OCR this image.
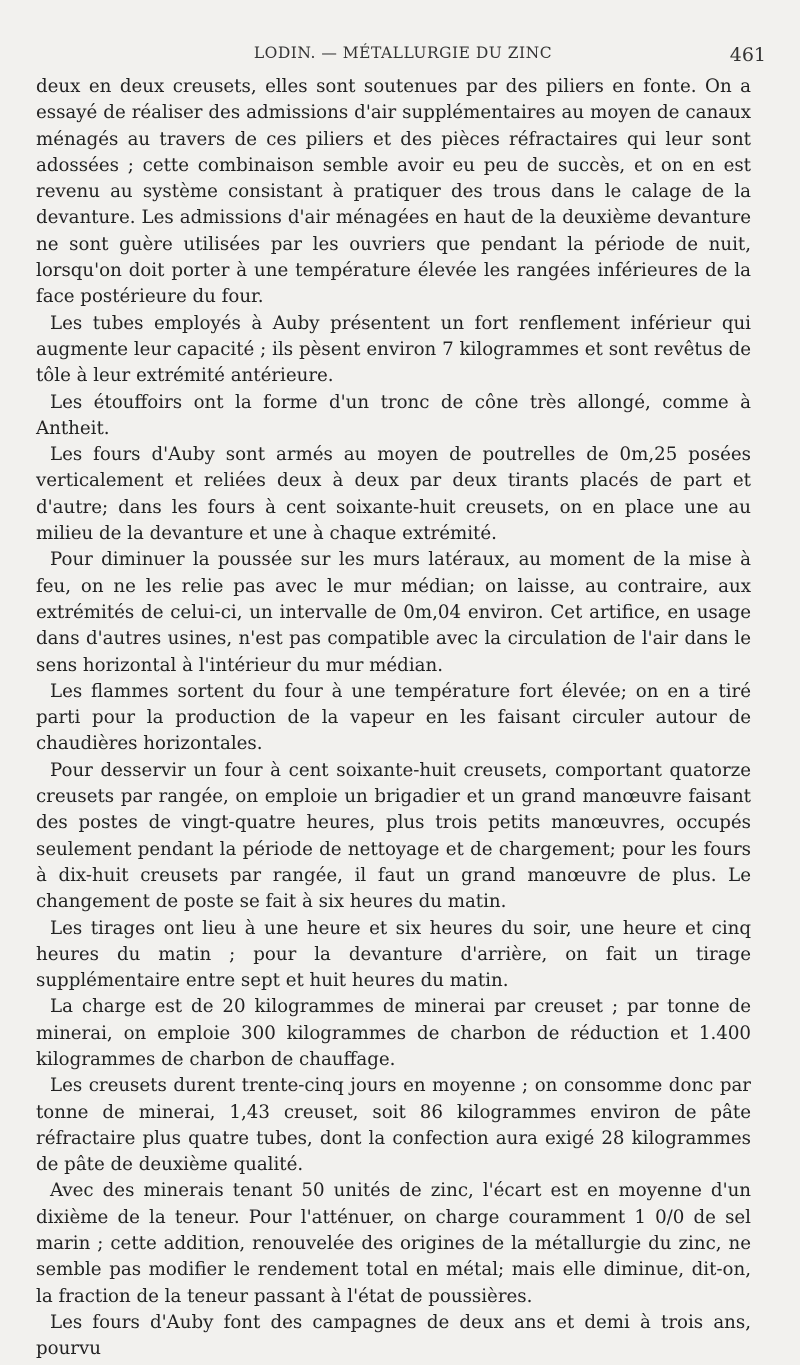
LODIN. — MÉTALLURGIE DU ZINC	461

deux en deux creusets, elles sont soutenues par des piliers en fonte. On a essayé de réaliser des admissions d'air supplémentaires au moyen de canaux ménagés au travers de ces piliers et des pièces réfractaires qui leur sont adossées ; cette combinaison semble avoir eu peu de succès, et on en est revenu au système consistant à pratiquer des trous dans le calage de la devanture. Les admissions d'air ménagées en haut de la deuxième devanture ne sont guère utilisées par les ouvriers que pendant la période de nuit, lorsqu'on doit porter à une température élevée les rangées inférieures de la face postérieure du four.

Les tubes employés à Auby présentent un fort renflement inférieur qui augmente leur capacité ; ils pèsent environ 7 kilogrammes et sont revêtus de tôle à leur extrémité antérieure.

Les étouffoirs ont la forme d'un tronc de cône très allongé, comme à Antheit.

Les fours d'Auby sont armés au moyen de poutrelles de 0m,25 posées verticalement et reliées deux à deux par deux tirants placés de part et d'autre; dans les fours à cent soixante-huit creusets, on en place une au milieu de la devanture et une à chaque extrémité.

Pour diminuer la poussée sur les murs latéraux, au moment de la mise à feu, on ne les relie pas avec le mur médian; on laisse, au contraire, aux extrémités de celui-ci, un intervalle de 0m,04 environ. Cet artifice, en usage dans d'autres usines, n'est pas compatible avec la circulation de l'air dans le sens horizontal à l'intérieur du mur médian.

Les flammes sortent du four à une température fort élevée; on en a tiré parti pour la production de la vapeur en les faisant circuler autour de chaudières horizontales.

Pour desservir un four à cent soixante-huit creusets, comportant quatorze creusets par rangée, on emploie un brigadier et un grand manœuvre faisant des postes de vingt-quatre heures, plus trois petits manœuvres, occupés seulement pendant la période de nettoyage et de chargement; pour les fours à dix-huit creusets par rangée, il faut un grand manœuvre de plus. Le changement de poste se fait à six heures du matin.

Les tirages ont lieu à une heure et six heures du soir, une heure et cinq heures du matin ; pour la devanture d'arrière, on fait un tirage supplémentaire entre sept et huit heures du matin.

La charge est de 20 kilogrammes de minerai par creuset ; par tonne de minerai, on emploie 300 kilogrammes de charbon de réduction et 1.400 kilogrammes de charbon de chauffage.

Les creusets durent trente-cinq jours en moyenne ; on consomme donc par tonne de minerai, 1,43 creuset, soit 86 kilogrammes environ de pâte réfractaire plus quatre tubes, dont la confection aura exigé 28 kilogrammes de pâte de deuxième qualité.

Avec des minerais tenant 50 unités de zinc, l'écart est en moyenne d'un dixième de la teneur. Pour l'atténuer, on charge couramment 1 0/0 de sel marin ; cette addition, renouvelée des origines de la métallurgie du zinc, ne semble pas modifier le rendement total en métal; mais elle diminue, dit-on, la fraction de la teneur passant à l'état de poussières.

Les fours d'Auby font des campagnes de deux ans et demi à trois ans, pourvu
